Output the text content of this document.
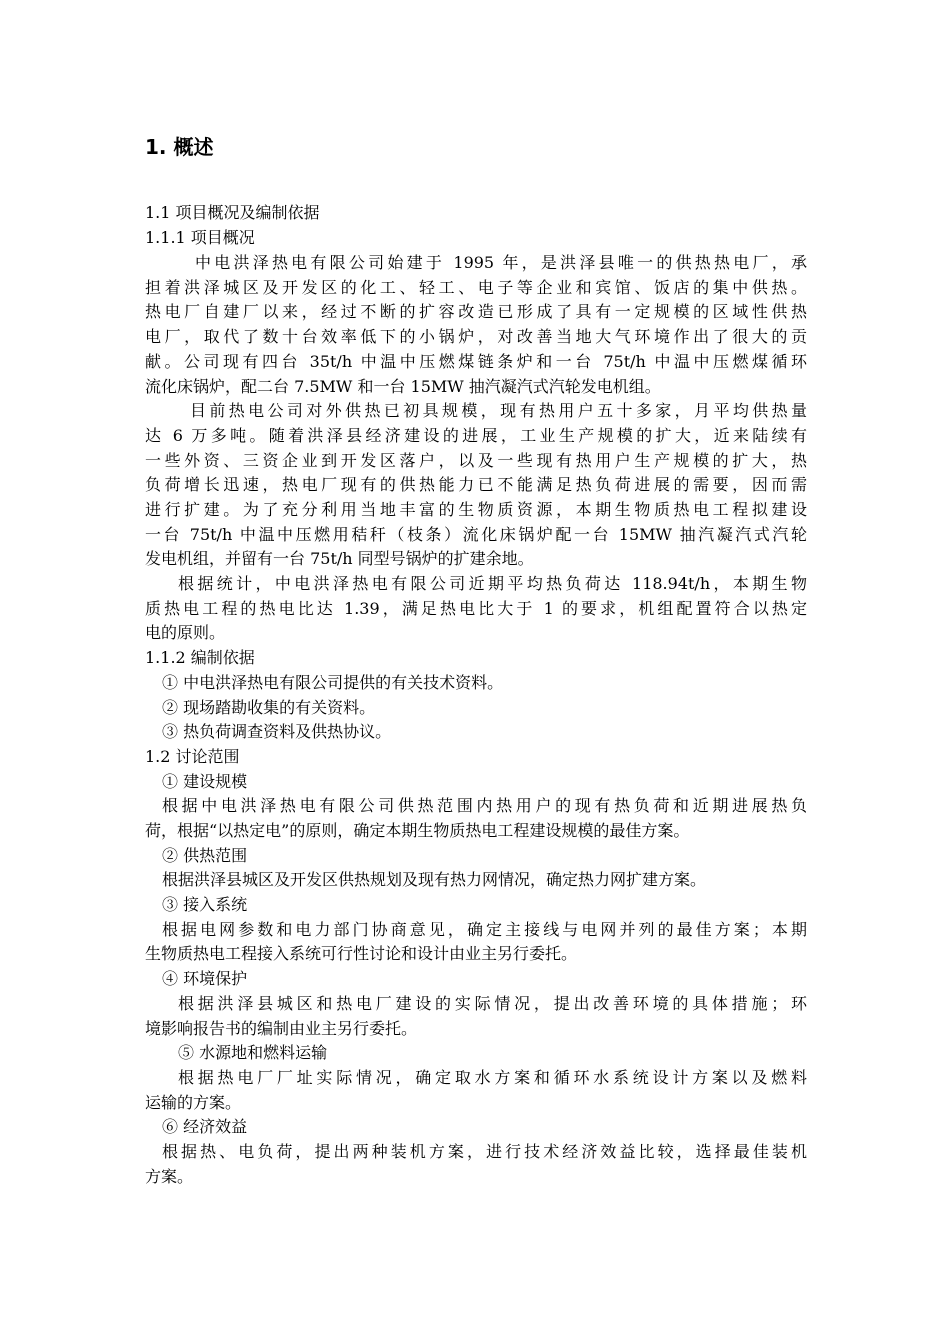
1. 概述
1.1 项目概况及编制依据
1.1.1 项目概况
中电洪泽热电有限公司始建于 1995 年，是洪泽县唯一的供热热电厂，承
担着洪泽城区及开发区的化工、轻工、电子等企业和宾馆、饭店的集中供热。
热电厂自建厂以来，经过不断的扩容改造已形成了具有一定规模的区域性供热
电厂，取代了数十台效率低下的小锅炉，对改善当地大气环境作出了很大的贡
献。公司现有四台 35t/h 中温中压燃煤链条炉和一台 75t/h 中温中压燃煤循环
流化床锅炉，配二台 7.5MW 和一台 15MW 抽汽凝汽式汽轮发电机组。
目前热电公司对外供热已初具规模，现有热用户五十多家，月平均供热量
达 6 万多吨。随着洪泽县经济建设的进展，工业生产规模的扩大，近来陆续有
一些外资、三资企业到开发区落户，以及一些现有热用户生产规模的扩大，热
负荷增长迅速，热电厂现有的供热能力已不能满足热负荷进展的需要，因而需
进行扩建。为了充分利用当地丰富的生物质资源，本期生物质热电工程拟建设
一台 75t/h 中温中压燃用秸秆（枝条）流化床锅炉配一台 15MW 抽汽凝汽式汽轮
发电机组，并留有一台 75t/h 同型号锅炉的扩建余地。
根据统计，中电洪泽热电有限公司近期平均热负荷达 118.94t/h，本期生物
质热电工程的热电比达 1.39，满足热电比大于 1 的要求，机组配置符合以热定
电的原则。
1.1.2 编制依据
① 中电洪泽热电有限公司提供的有关技术资料。
② 现场踏勘收集的有关资料。
③ 热负荷调查资料及供热协议。
1.2 讨论范围
① 建设规模
根据中电洪泽热电有限公司供热范围内热用户的现有热负荷和近期进展热负
荷，根据“以热定电”的原则，确定本期生物质热电工程建设规模的最佳方案。
② 供热范围
根据洪泽县城区及开发区供热规划及现有热力网情况，确定热力网扩建方案。
③ 接入系统
根据电网参数和电力部门协商意见，确定主接线与电网并列的最佳方案；本期
生物质热电工程接入系统可行性讨论和设计由业主另行委托。
④ 环境保护
根据洪泽县城区和热电厂建设的实际情况，提出改善环境的具体措施；环
境影响报告书的编制由业主另行委托。
⑤ 水源地和燃料运输
根据热电厂厂址实际情况，确定取水方案和循环水系统设计方案以及燃料
运输的方案。
⑥ 经济效益
根据热、电负荷，提出两种装机方案，进行技术经济效益比较，选择最佳装机
方案。
